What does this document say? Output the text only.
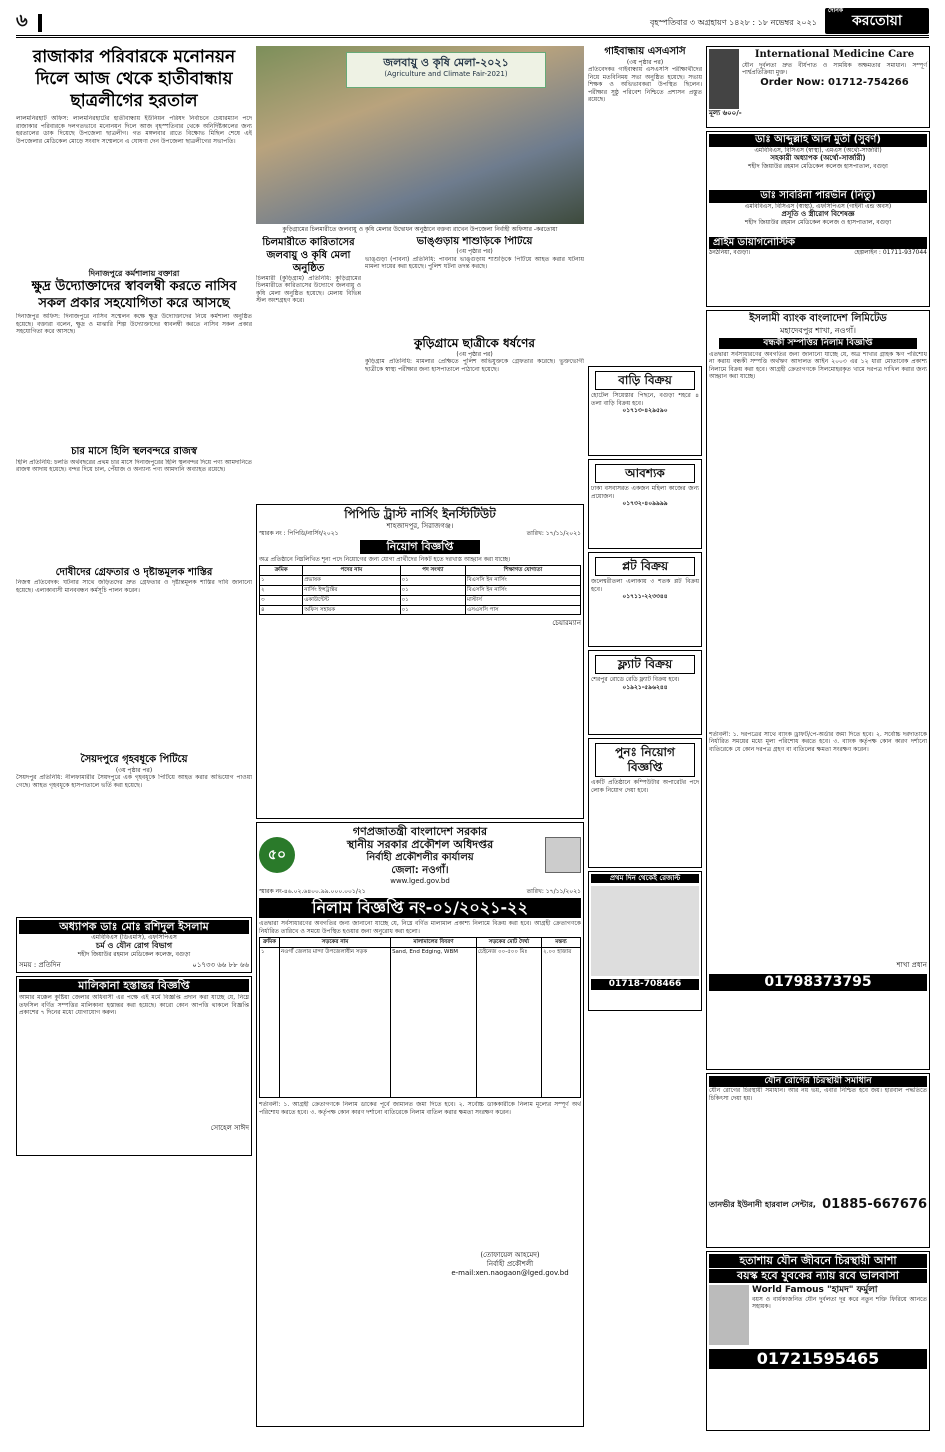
৬	বৃহস্পতিবার ৩ অগ্রহায়ণ ১৪২৮ : ১৮ নভেম্বর ২০২১
দৈনিক
করতোয়া
রাজাকার পরিবারকে মনোনয়ন দিলে আজ থেকে হাতীবান্ধায় ছাত্রলীগের হরতাল
লালমনিরহাট অফিস: লালমনিরহাটের হাতীবান্ধায় ইউনিয়ন পরিষদ নির্বাচনে চেয়ারম্যান পদে রাজাকার পরিবারকে দলগতভাবে মনোনয়ন দিলে আজ বৃহস্পতিবার থেকে অনির্দিষ্টকালের জন্য হরতালের ডাক দিয়েছে উপজেলা ছাত্রলীগ। গত মঙ্গলবার রাতে বিক্ষোভ মিছিল শেষে এই উপজেলার মেডিকেল মোড়ে সংবাদ সম্মেলনে এ ঘোষণা দেন উপজেলা ছাত্রলীগের সভাপতি।
দিনাজপুরে কর্মশালায় বক্তারা
ক্ষুদ্র উদ্যোক্তাদের স্বাবলম্বী করতে নাসিব সকল প্রকার সহযোগিতা করে আসছে
দিনাজপুর অফিস: দিনাজপুরে নাসিব সম্মেলন কক্ষে ক্ষুদ্র উদ্যোক্তাদের নিয়ে কর্মশালা অনুষ্ঠিত হয়েছে। বক্তারা বলেন, ক্ষুদ্র ও মাঝারি শিল্প উদ্যোক্তাদের স্বাবলম্বী করতে নাসিব সকল প্রকার সহযোগিতা করে আসছে।
চার মাসে হিলি স্থলবন্দরে রাজস্ব
হিলি প্রতিনিধি: চলতি অর্থবছরের প্রথম চার মাসে দিনাজপুরের হিলি স্থলবন্দর দিয়ে পণ্য আমদানিতে রাজস্ব আদায় হয়েছে। বন্দর দিয়ে চাল, পেঁয়াজ ও অন্যান্য পণ্য আমদানি অব্যাহত রয়েছে।
দোষীদের গ্রেফতার ও দৃষ্টান্তমূলক শাস্তির
নিজস্ব প্রতিবেদক: ঘটনার সাথে জড়িতদের দ্রুত গ্রেফতার ও দৃষ্টান্তমূলক শাস্তির দাবি জানানো হয়েছে। এলাকাবাসী মানববন্ধন কর্মসূচি পালন করেন।
সৈয়দপুরে গৃহবধূকে পিটিয়ে
(৩য় পৃষ্ঠার পর)
সৈয়দপুর প্রতিনিধি: নীলফামারীর সৈয়দপুরে এক গৃহবধূকে পিটিয়ে আহত করার অভিযোগ পাওয়া গেছে। আহত গৃহবধূকে হাসপাতালে ভর্তি করা হয়েছে।
অধ্যাপক ডাঃ মোঃ রশিদুল ইসলাম
এমবিবিএস (ডিএমসি), এফসিপিএস
চর্ম ও যৌন রোগ বিভাগ
শহীদ জিয়াউর রহমান মেডিকেল কলেজ, বগুড়া
সময় : প্রতিদিন	০১৭৩৩ ৬৬ ৮৮ ৬৬
মালিকানা হস্তান্তর বিজ্ঞপ্তি
আমার মক্কেল কুষ্টিয়া জেলার অধিবাসী এর পক্ষে এই মর্মে বিজ্ঞপ্তি প্রদান করা যাচ্ছে যে, নিম্নে তফসিল বর্ণিত সম্পত্তির মালিকানা হস্তান্তর করা হয়েছে। কারো কোন আপত্তি থাকলে বিজ্ঞপ্তি প্রকাশের ৭ দিনের মধ্যে যোগাযোগ করুন।
সোহেল সাঈদ
জলবায়ু ও কৃষি মেলা-২০২১
(Agriculture and Climate Fair-2021)
কুড়িগ্রামের চিলমারীতে জলবায়ু ও কৃষি মেলার উদ্বোধন অনুষ্ঠানে বক্তব্য রাখেন উপজেলা নির্বাহী অফিসার -করতোয়া
চিলমারীতে কারিতাসের জলবায়ু ও কৃষি মেলা অনুষ্ঠিত
চিলমারী (কুড়িগ্রাম) প্রতিনিধি: কুড়িগ্রামের চিলমারীতে কারিতাসের উদ্যোগে জলবায়ু ও কৃষি মেলা অনুষ্ঠিত হয়েছে। মেলায় বিভিন্ন স্টল অংশগ্রহণ করে।
ভাঙ্গুড়ায় শাশুড়িকে পিটিয়ে
(৩য় পৃষ্ঠার পর)
ভাঙ্গুড়া (পাবনা) প্রতিনিধি: পাবনার ভাঙ্গুড়ায় শাশুড়িকে পিটিয়ে আহত করার ঘটনায় মামলা দায়ের করা হয়েছে। পুলিশ ঘটনা তদন্ত করছে।
কুড়িগ্রামে ছাত্রীকে ধর্ষণের
(৩য় পৃষ্ঠার পর)
কুড়িগ্রাম প্রতিনিধি: মামলার প্রেক্ষিতে পুলিশ অভিযুক্তকে গ্রেফতার করেছে। ভুক্তভোগী ছাত্রীকে স্বাস্থ্য পরীক্ষার জন্য হাসপাতালে পাঠানো হয়েছে।
পিপিডি ট্রাস্ট নার্সিং ইনস্টিটিউট
শাহজাদপুর, সিরাজগঞ্জ।
স্মারক নং : পিপিডি/নার্সিং/২০২১	তারিখ: ১৭/১১/২০২১
নিয়োগ বিজ্ঞপ্তি
অত্র প্রতিষ্ঠানে নিম্নলিখিত শূন্য পদে নিয়োগের জন্য যোগ্য প্রার্থীদের নিকট হতে দরখাস্ত আহ্বান করা যাচ্ছে।
ক্রমিক	পদের নাম	পদ সংখ্যা	শিক্ষাগত যোগ্যতা
১	প্রভাষক	০১	বিএসসি ইন নার্সিং
২	নার্সিং ইন্সট্রাক্টর	০১	বিএসসি ইন নার্সিং
৩	একাউন্টেন্ট	০১	মাস্টার্স
৪	অফিস সহায়ক	০১	এসএসসি পাস
চেয়ারম্যান
৫০
গণপ্রজাতন্ত্রী বাংলাদেশ সরকার
স্থানীয় সরকার প্রকৌশল অধিদপ্তর
নির্বাহী প্রকৌশলীর কার্যালয়
জেলা: নওগাঁ।
www.lged.gov.bd
স্মারক নং-৪৬.০২.৬৪০০.৯৯.০০০.০০১/২১	তারিখ: ১৭/১১/২০২১
নিলাম বিজ্ঞপ্তি নং-০১/২০২১-২২
এতদ্বারা সর্বসাধারণের অবগতির জন্য জানানো যাচ্ছে যে, নিম্নে বর্ণিত মালামাল প্রকাশ্য নিলামে বিক্রয় করা হবে। আগ্রহী ক্রেতাগণকে নির্ধারিত তারিখে ও সময়ে উপস্থিত হওয়ার জন্য অনুরোধ করা হলো।
ক্রমিক	সড়কের নাম	মালামালের বিবরণ	সড়কের মোট দৈর্ঘ্য	মন্তব্য
১	নওগাঁ জেলার মান্দা উপজেলাধীন সড়ক	Sand, End Edging, WBM	চেইনেজ ০০-৫০০ মিঃ	২.০০ হাজার
শর্তাবলী: ১. আগ্রহী ক্রেতাগণকে নিলাম ডাকের পূর্বে জামানত জমা দিতে হবে। ২. সর্বোচ্চ ডাককারীকে নিলাম মূল্যের সম্পূর্ণ অর্থ পরিশোধ করতে হবে। ৩. কর্তৃপক্ষ কোন কারণ দর্শানো ব্যতিরেকে নিলাম বাতিল করার ক্ষমতা সংরক্ষণ করেন।
(তোফায়েল আহমেদ)
নির্বাহী প্রকৌশলী
e-mail:xen.naogaon@lged.gov.bd
গাইবান্ধায় এসএসসি
(৩য় পৃষ্ঠার পর)
প্রতিবেদকঃ গাইবান্ধায় এসএসসি পরীক্ষার্থীদের নিয়ে মতবিনিময় সভা অনুষ্ঠিত হয়েছে। সভায় শিক্ষক ও অভিভাবকরা উপস্থিত ছিলেন। পরীক্ষার সুষ্ঠু পরিবেশ নিশ্চিতে প্রশাসন প্রস্তুত রয়েছে।
বাড়ি বিক্রয়
হোটেল সিয়েস্তার পিছনে, বগুড়া শহরে ৪ তলা বাড়ি বিক্রয় হবে।
০১৭১৩-৪২৯৫৯০
আবশ্যক
ঢাকা বসবাসরত একজন মহিলা কাজের জন্য প্রয়োজন।
০১৭৩২-৪০৯৯৯৯
প্লট বিক্রয়
জলেশ্বরীতলা এলাকায় ৩ শতক প্লট বিক্রয় হবে।
০১৭১১-২২৩৩৪৪
ফ্ল্যাট বিক্রয়
শেরপুর রোডে রেডি ফ্ল্যাট বিক্রয় হবে।
০১৯২১-৫৯৬২৪৪
পুনঃ নিয়োগ বিজ্ঞপ্তি
একটি প্রতিষ্ঠানে কম্পিউটার অপারেটর পদে লোক নিয়োগ দেয়া হবে।
প্রথম দিন থেকেই রেজাল্ট
01718-708466
International Medicine Care
যৌন দুর্বলতা দ্রুত বীর্যপাত ও সাময়িক অক্ষমতার সমাধান। সম্পূর্ণ পার্শ্বপ্রতিক্রিয়া মুক্ত।
Order Now: 01712-754266
মূল্য ৬০০/-
ডাঃ আব্দুল্লাহ আল মুতী (সুবর্ণ)
এমবিবিএস, বিসিএস (স্বাস্থ্য), এমএস (অর্থো-সার্জারী)
সহকারী অধ্যাপক (অর্থো-সার্জারী)
শহীদ জিয়াউর রহমান মেডিকেল কলেজ হাসপাতাল, বগুড়া
ডাঃ সাবরিনা পারভীন (নিতু)
এমবিবিএস, বিসিএস (স্বাস্থ্য), এফসিপিএস (গাইনী এন্ড অবস)
প্রসূতি ও স্ত্রীরোগ বিশেষজ্ঞ
শহীদ জিয়াউর রহমান মেডিকেল কলেজ ও হাসপাতাল, বগুড়া
প্রাইম ডায়াগনোস্টিক
ঠনঠনিয়া, বগুড়া।	হেল্পলাইন : 01711-937044
ইসলামী ব্যাংক বাংলাদেশ লিমিটেড
মহাদেবপুর শাখা, নওগাঁ।
বন্ধকী সম্পত্তির নিলাম বিজ্ঞপ্তি
এতদ্বারা সর্বসাধারণের অবগতির জন্য জানানো যাচ্ছে যে, অত্র শাখার গ্রাহক ঋণ পরিশোধ না করায় বন্ধকী সম্পত্তি অর্থঋণ আদালত আইন ২০০৩ এর ১২ ধারা মোতাবেক প্রকাশ্য নিলামে বিক্রয় করা হবে। আগ্রহী ক্রেতাগণকে সিলমোহরকৃত খামে দরপত্র দাখিল করার জন্য আহ্বান করা যাচ্ছে।
শর্তাবলী: ১. দরপত্রের সাথে ব্যাংক ড্রাফট/পে-অর্ডার জমা দিতে হবে। ২. সর্বোচ্চ দরদাতাকে নির্ধারিত সময়ের মধ্যে মূল্য পরিশোধ করতে হবে। ৩. ব্যাংক কর্তৃপক্ষ কোন কারণ দর্শানো ব্যতিরেকে যে কোন দরপত্র গ্রহণ বা বাতিলের ক্ষমতা সংরক্ষণ করেন।
শাখা প্রধান
01798373795
যৌন রোগের চিরস্থায়ী সমাধান
যৌন রোগের চিরস্থায়ী সমাধান। আর নয় ভয়, এবার নিশ্চিত হবে জয়। হারবাল পদ্ধতিতে চিকিৎসা দেয়া হয়।
তানভীর ইউনানী হারবাল সেন্টার, 01885-667676
হতাশায় যৌন জীবনে চিরস্থায়ী আশা
বয়স্ক হবে যুবকের ন্যায় রবে ভালবাসা
World Famous "হামদ" ফর্মুলা
বয়স ও বার্ধক্যজনিত যৌন দুর্বলতা দূর করে নতুন শক্তি ফিরিয়ে আনতে সহায়ক।
01721595465
